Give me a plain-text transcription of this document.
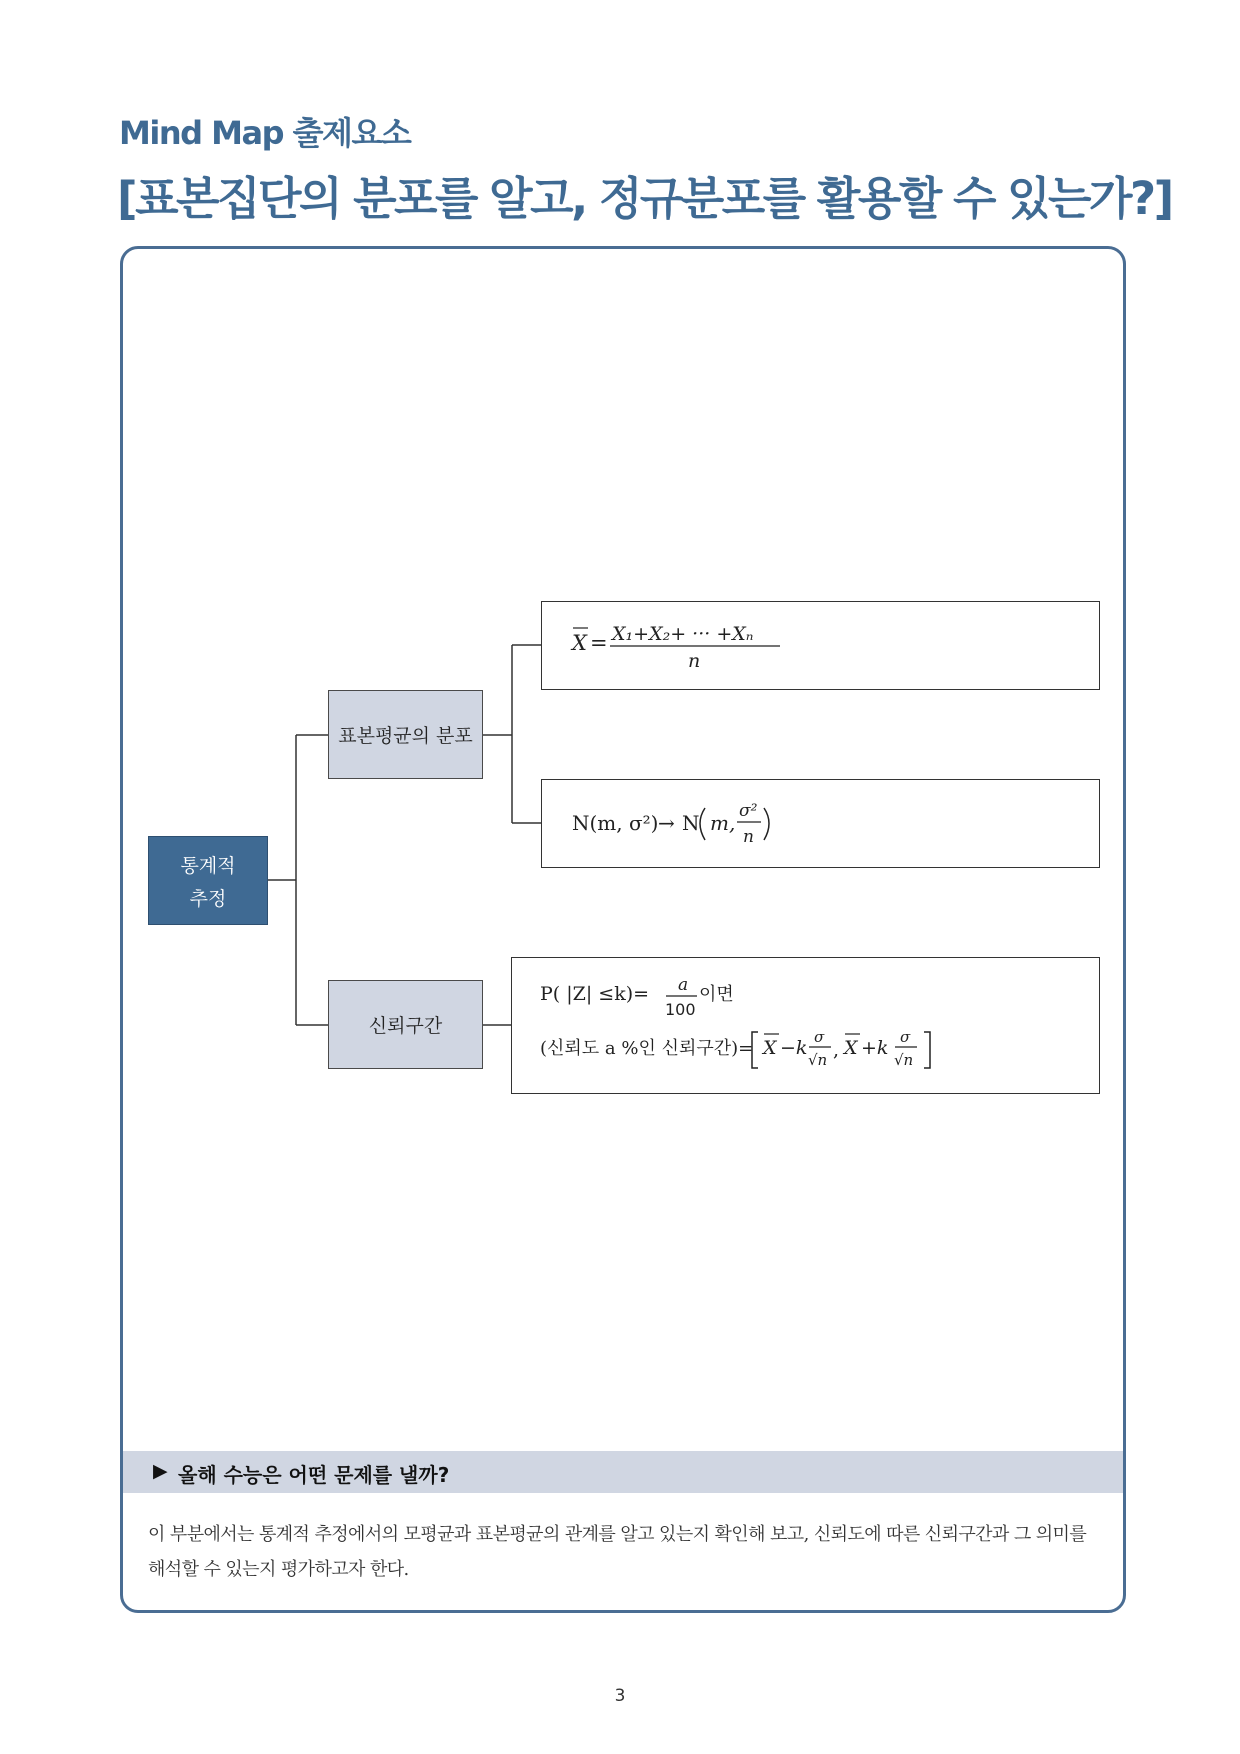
Mind Map 출제요소
[표본집단의 분포를 알고, 정규분포를 활용할 수 있는가?]
통계적
추정
표본평균의 분포
신뢰구간
X = X₁+X₂+ ··· +Xₙ
n
N(m, σ²) → N m, σ²
n
P( |Z| ≤k)= a
100
이면
(신뢰도 a %인 신뢰구간)= X −k σ
√n , X +k σ
√n
▶ 올해 수능은 어떤 문제를 낼까?
이 부분에서는 통계적 추정에서의 모평균과 표본평균의 관계를 알고 있는지 확인해 보고, 신뢰도에 따른 신뢰구간과 그 의미를 해석할 수 있는지 평가하고자 한다.
3
